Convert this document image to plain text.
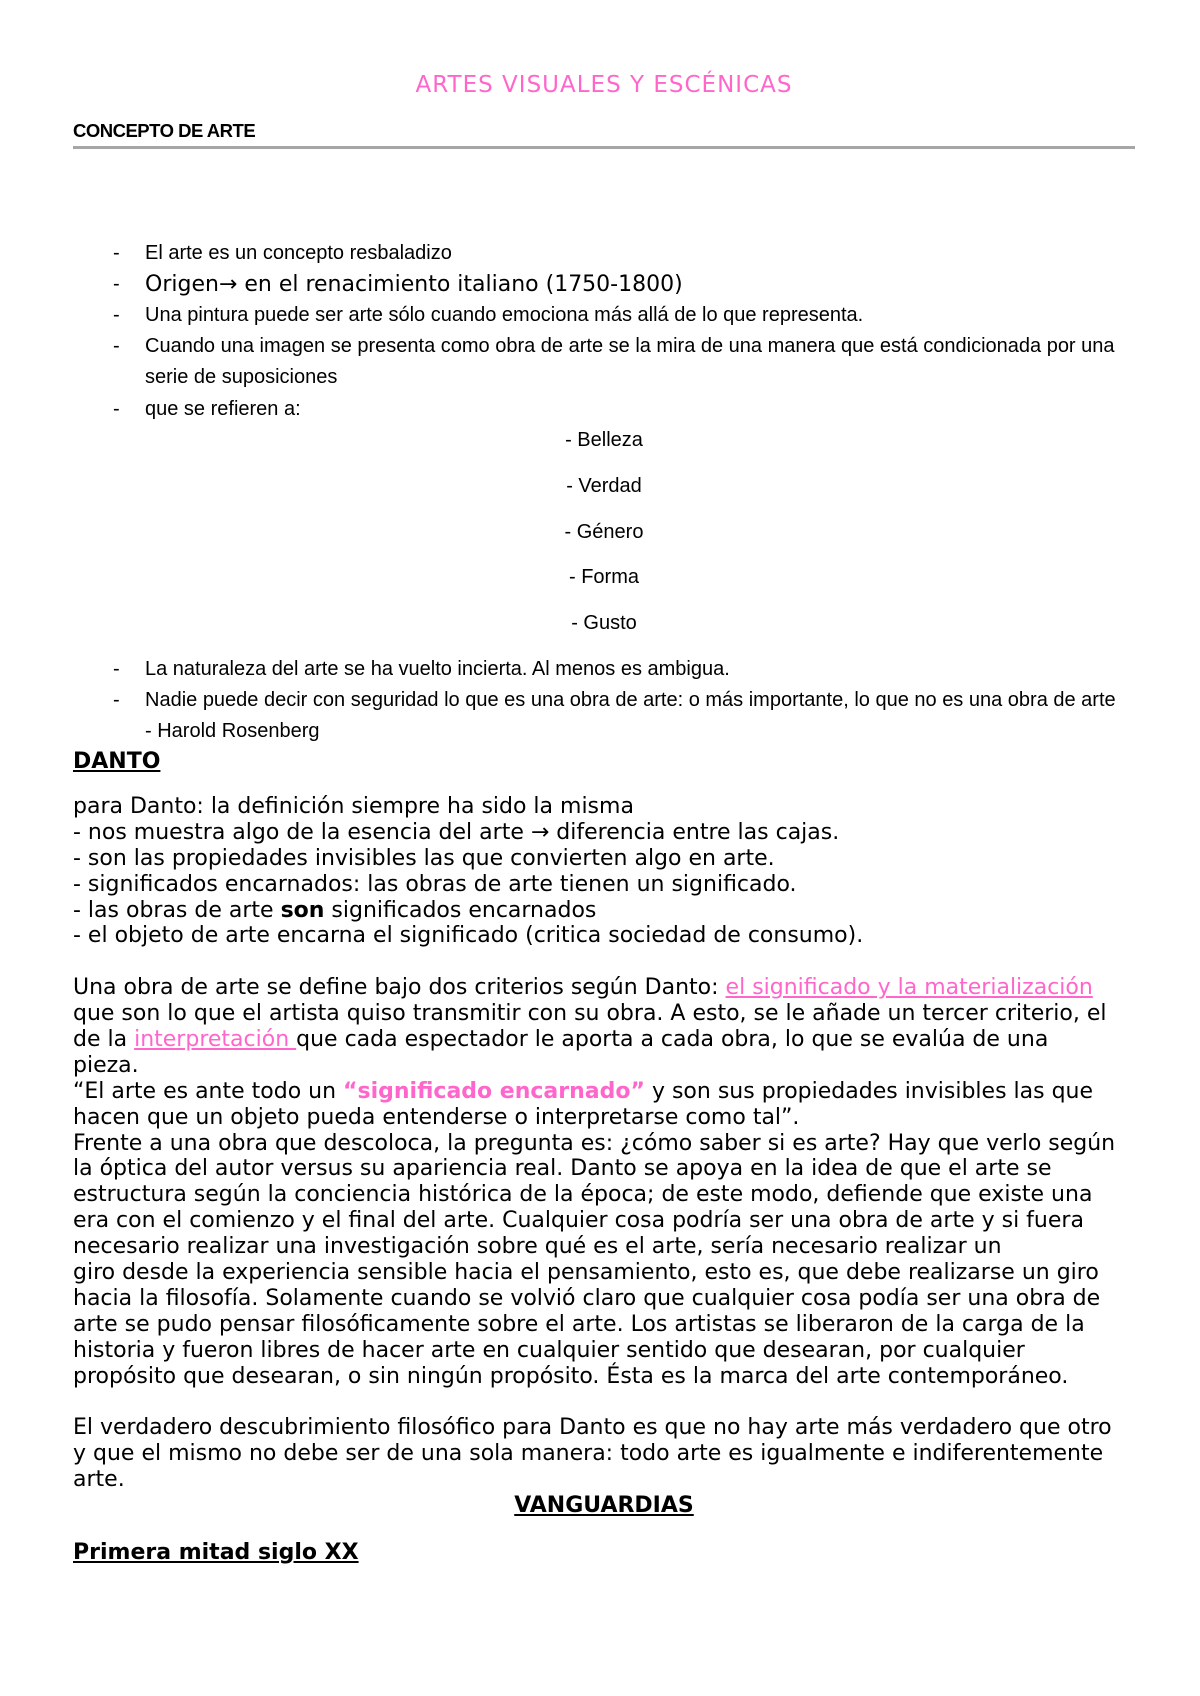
ARTES VISUALES Y ESCÉNICAS
CONCEPTO DE ARTE
- El arte es un concepto resbaladizo
- Origen→ en el renacimiento italiano (1750-1800)
- Una pintura puede ser arte sólo cuando emociona más allá de lo que representa.
- Cuando una imagen se presenta como obra de arte se la mira de una manera que está condicionada por una
serie de suposiciones
- que se refieren a:
- Belleza
- Verdad
- Género
- Forma
- Gusto
- La naturaleza del arte se ha vuelto incierta. Al menos es ambigua.
- Nadie puede decir con seguridad lo que es una obra de arte: o más importante, lo que no es una obra de arte
- Harold Rosenberg
DANTO
para Danto: la definición siempre ha sido la misma
- nos muestra algo de la esencia del arte → diferencia entre las cajas.
- son las propiedades invisibles las que convierten algo en arte.
- significados encarnados: las obras de arte tienen un significado.
- las obras de arte son significados encarnados
- el objeto de arte encarna el significado (critica sociedad de consumo).
Una obra de arte se define bajo dos criterios según Danto: el significado y la materialización
que son lo que el artista quiso transmitir con su obra. A esto, se le añade un tercer criterio, el
de la interpretación que cada espectador le aporta a cada obra, lo que se evalúa de una
pieza.
“El arte es ante todo un “significado encarnado” y son sus propiedades invisibles las que
hacen que un objeto pueda entenderse o interpretarse como tal”.
Frente a una obra que descoloca, la pregunta es: ¿cómo saber si es arte? Hay que verlo según
la óptica del autor versus su apariencia real. Danto se apoya en la idea de que el arte se
estructura según la conciencia histórica de la época; de este modo, defiende que existe una
era con el comienzo y el final del arte. Cualquier cosa podría ser una obra de arte y si fuera
necesario realizar una investigación sobre qué es el arte, sería necesario realizar un
giro desde la experiencia sensible hacia el pensamiento, esto es, que debe realizarse un giro
hacia la filosofía. Solamente cuando se volvió claro que cualquier cosa podía ser una obra de
arte se pudo pensar filosóficamente sobre el arte. Los artistas se liberaron de la carga de la
historia y fueron libres de hacer arte en cualquier sentido que desearan, por cualquier
propósito que desearan, o sin ningún propósito. Ésta es la marca del arte contemporáneo.
El verdadero descubrimiento filosófico para Danto es que no hay arte más verdadero que otro
y que el mismo no debe ser de una sola manera: todo arte es igualmente e indiferentemente
arte.
VANGUARDIAS
Primera mitad siglo XX
